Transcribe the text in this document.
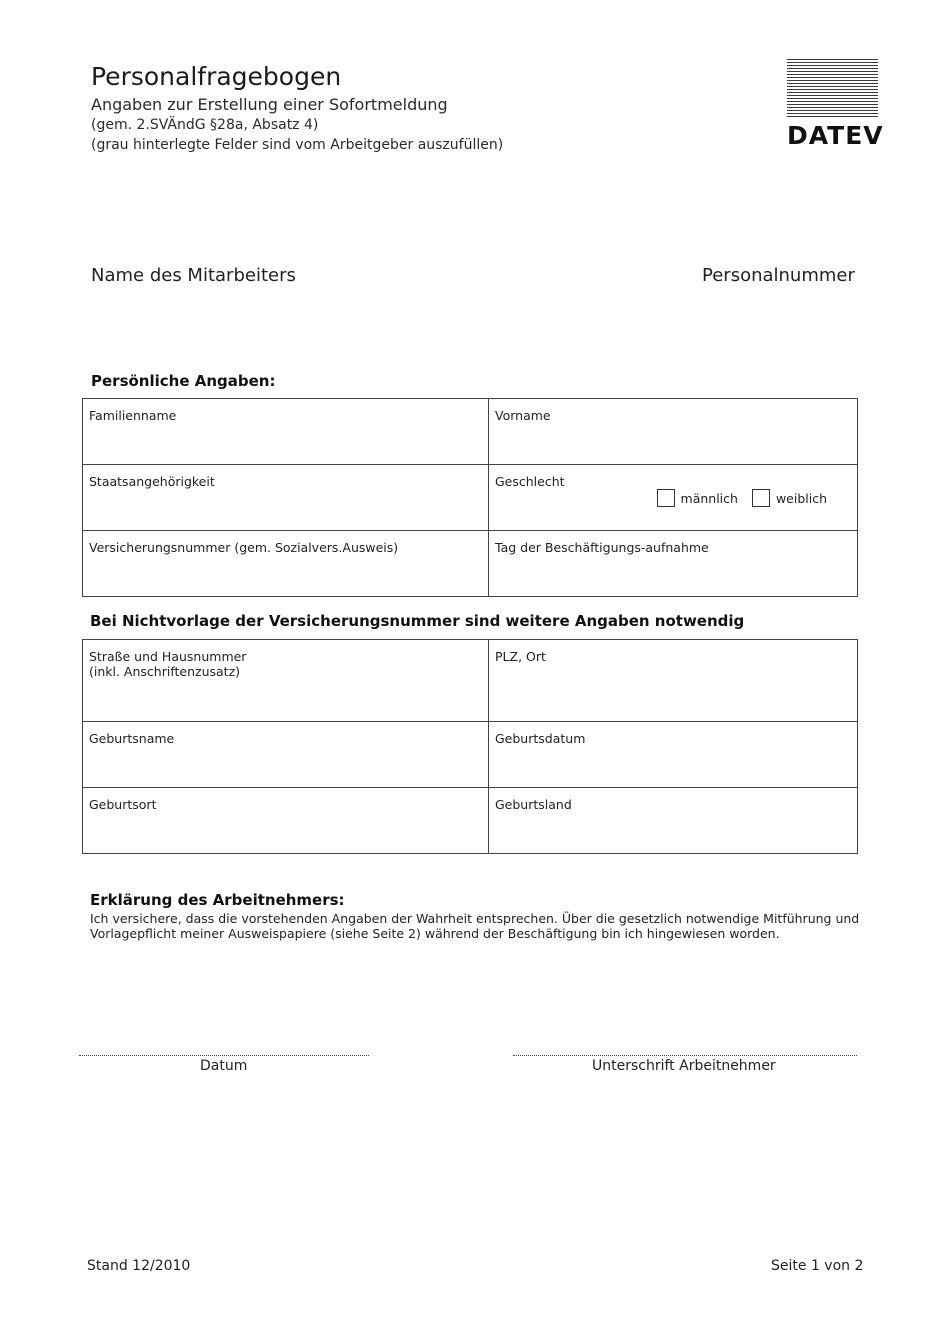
Personalfragebogen
Angaben zur Erstellung einer Sofortmeldung
(gem. 2.SVÄndG §28a, Absatz 4)
(grau hinterlegte Felder sind vom Arbeitgeber auszufüllen)	DATEV
Name des Mitarbeiters	Personalnummer
Persönliche Angaben:
Familienname	Vorname
Staatsangehörigkeit	Geschlecht
männlich weiblich

Versicherungsnummer (gem. Sozialvers.Ausweis)	Tag der Beschäftigungs-aufnahme
Bei Nichtvorlage der Versicherungsnummer sind weitere Angaben notwendig
Straße und Hausnummer
(inkl. Anschriftenzusatz)	PLZ, Ort
Geburtsname	Geburtsdatum
Geburtsort	Geburtsland
Erklärung des Arbeitnehmers:
Ich versichere, dass die vorstehenden Angaben der Wahrheit entsprechen. Über die gesetzlich notwendige Mitführung und Vorlagepflicht meiner Ausweispapiere (siehe Seite 2) während der Beschäftigung bin ich hingewiesen worden.
Datum	Unterschrift Arbeitnehmer
Stand 12/2010	Seite 1 von 2
